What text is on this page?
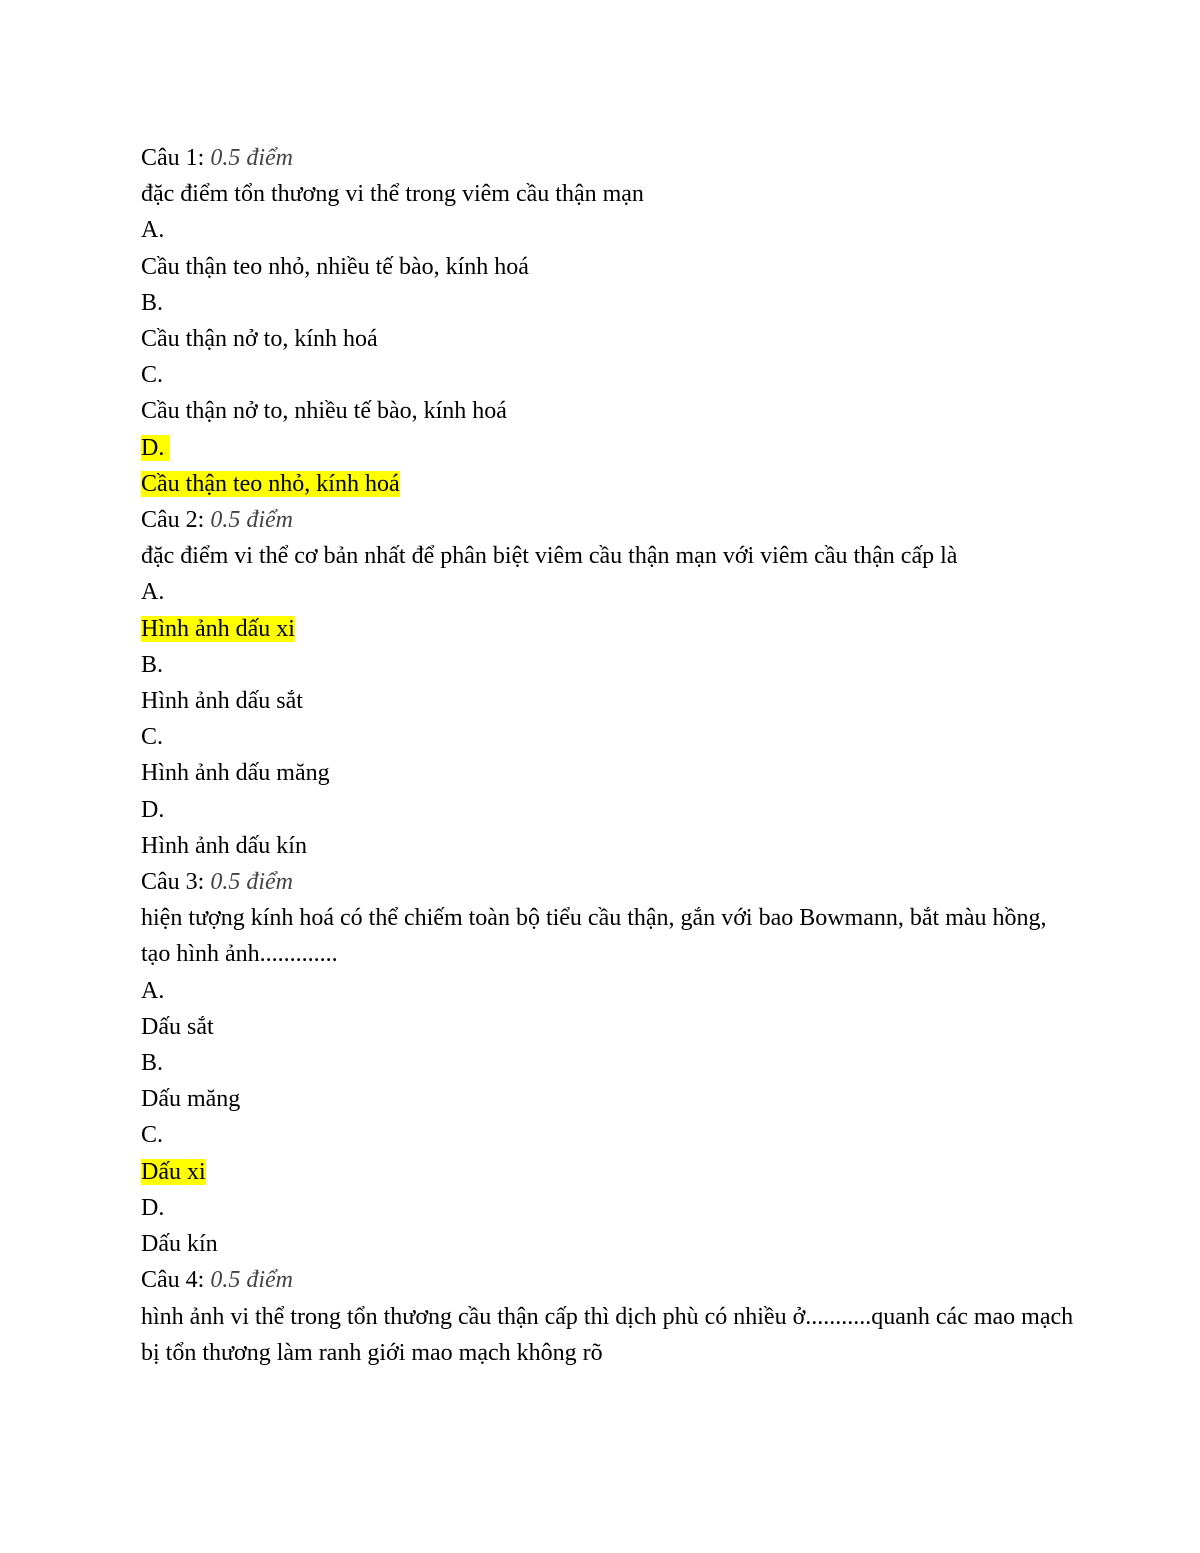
Câu 1: 0.5 điểm

đặc điểm tổn thương vi thể trong viêm cầu thận mạn

A.

Cầu thận teo nhỏ, nhiều tế bào, kính hoá

B.

Cầu thận nở to, kính hoá

C.

Cầu thận nở to, nhiều tế bào, kính hoá

D.

Cầu thận teo nhỏ, kính hoá

Câu 2: 0.5 điểm

đặc điểm vi thể cơ bản nhất để phân biệt viêm cầu thận mạn với viêm cầu thận cấp là

A.

Hình ảnh dấu xi

B.

Hình ảnh dấu sắt

C.

Hình ảnh dấu măng

D.

Hình ảnh dấu kín

Câu 3: 0.5 điểm

hiện tượng kính hoá có thể chiếm toàn bộ tiểu cầu thận, gắn với bao Bowmann, bắt màu hồng, tạo hình ảnh.............

A.

Dấu sắt

B.

Dấu măng

C.

Dấu xi

D.

Dấu kín

Câu 4: 0.5 điểm

hình ảnh vi thể trong tổn thương cầu thận cấp thì dịch phù có nhiều ở...........quanh các mao mạch bị tổn thương làm ranh giới mao mạch không rõ
